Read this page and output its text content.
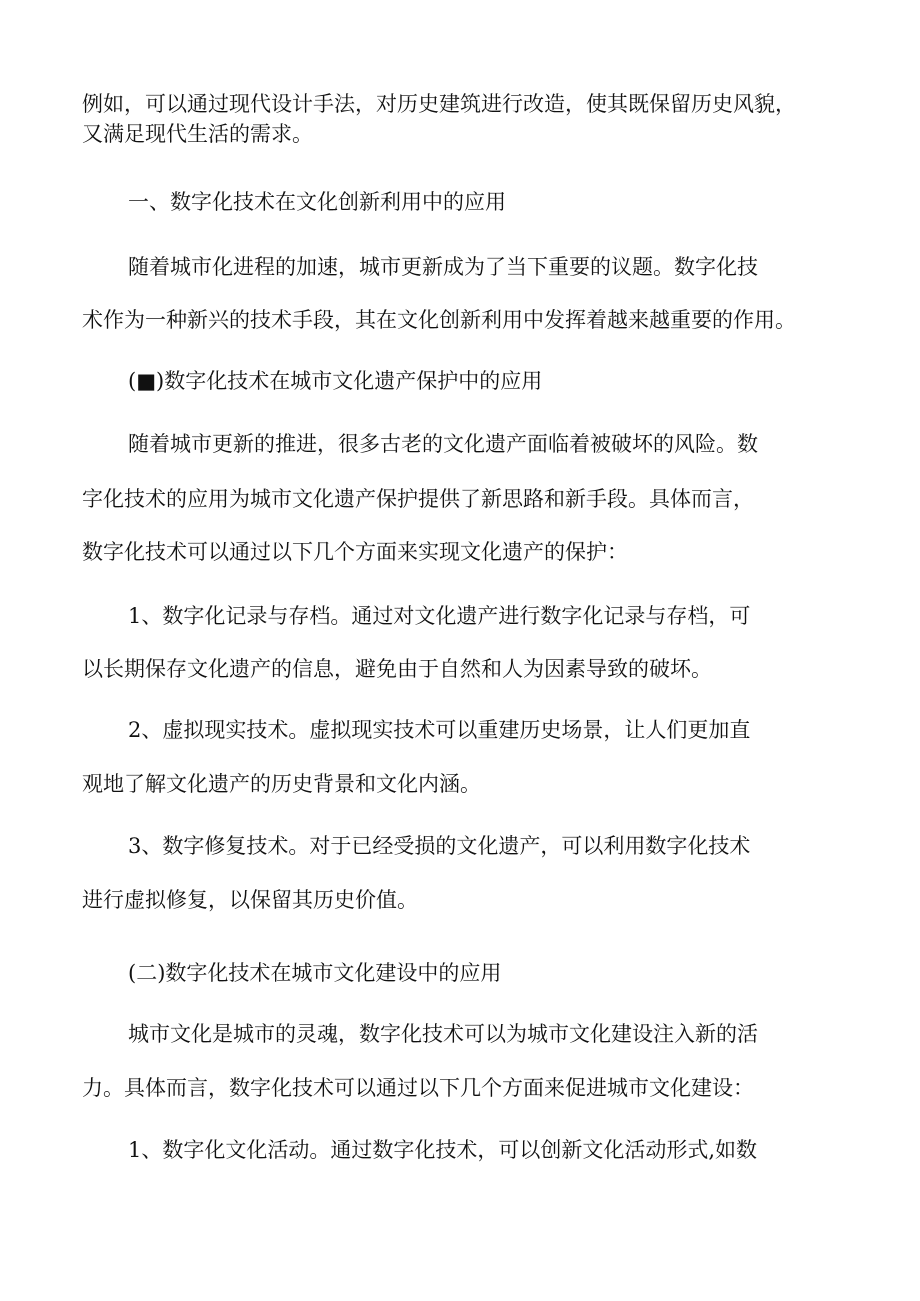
例如，可以通过现代设计手法，对历史建筑进行改造，使其既保留历史风貌，
又满足现代生活的需求。
一、数字化技术在文化创新利用中的应用
随着城市化进程的加速，城市更新成为了当下重要的议题。数字化技
术作为一种新兴的技术手段，其在文化创新利用中发挥着越来越重要的作用。
(■)数字化技术在城市文化遗产保护中的应用
随着城市更新的推进，很多古老的文化遗产面临着被破坏的风险。数
字化技术的应用为城市文化遗产保护提供了新思路和新手段。具体而言，
数字化技术可以通过以下几个方面来实现文化遗产的保护：
1、数字化记录与存档。通过对文化遗产进行数字化记录与存档，可
以长期保存文化遗产的信息，避免由于自然和人为因素导致的破坏。
2、虚拟现实技术。虚拟现实技术可以重建历史场景，让人们更加直
观地了解文化遗产的历史背景和文化内涵。
3、数字修复技术。对于已经受损的文化遗产，可以利用数字化技术
进行虚拟修复，以保留其历史价值。
(二)数字化技术在城市文化建设中的应用
城市文化是城市的灵魂，数字化技术可以为城市文化建设注入新的活
力。具体而言，数字化技术可以通过以下几个方面来促进城市文化建设：
1、数字化文化活动。通过数字化技术，可以创新文化活动形式,如数
